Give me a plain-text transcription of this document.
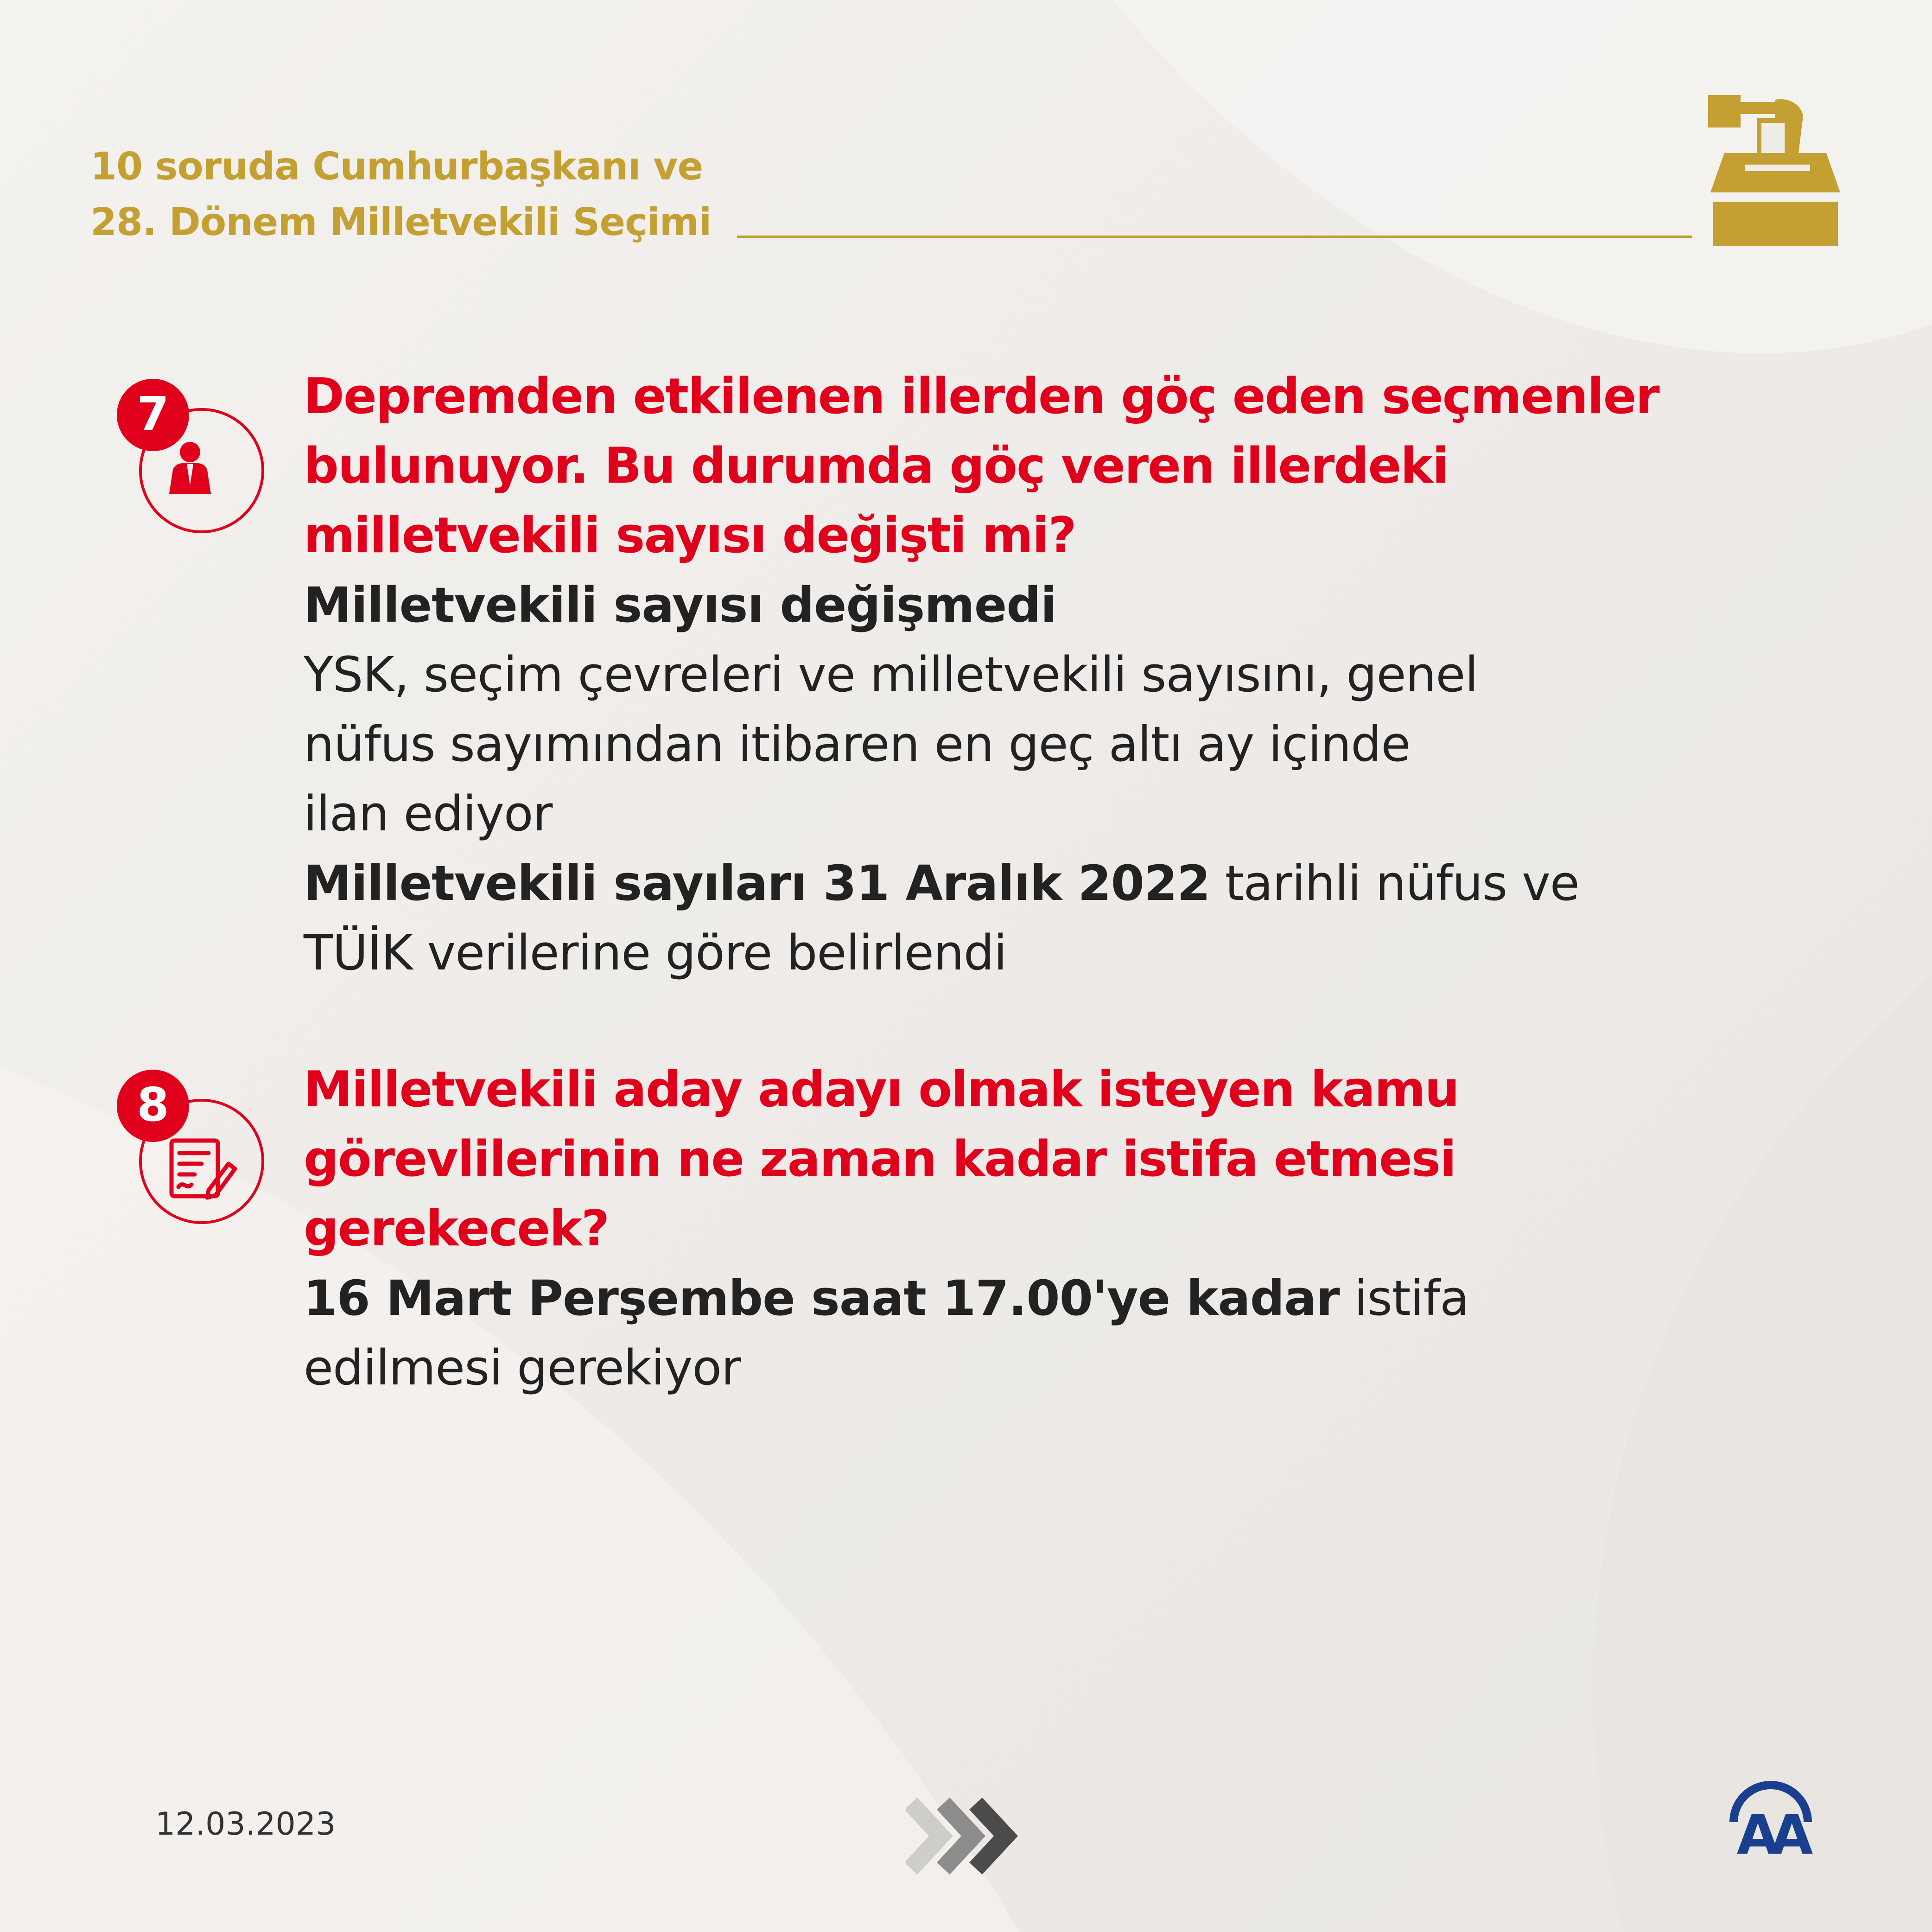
10 soruda Cumhurbaşkanı ve
28. Dönem Milletvekili Seçimi
7	Depremden etkilenen illerden göç eden seçmenler
bulunuyor. Bu durumda göç veren illerdeki
milletvekili sayısı değişti mi?
Milletvekili sayısı değişmedi
YSK, seçim çevreleri ve milletvekili sayısını, genel
nüfus sayımından itibaren en geç altı ay içinde
ilan ediyor
Milletvekili sayıları 31 Aralık 2022 tarihli nüfus ve
TÜİK verilerine göre belirlendi
8	Milletvekili aday adayı olmak isteyen kamu
görevlilerinin ne zaman kadar istifa etmesi
gerekecek?
16 Mart Perşembe saat 17.00'ye kadar istifa
edilmesi gerekiyor
12.03.2023	AA
